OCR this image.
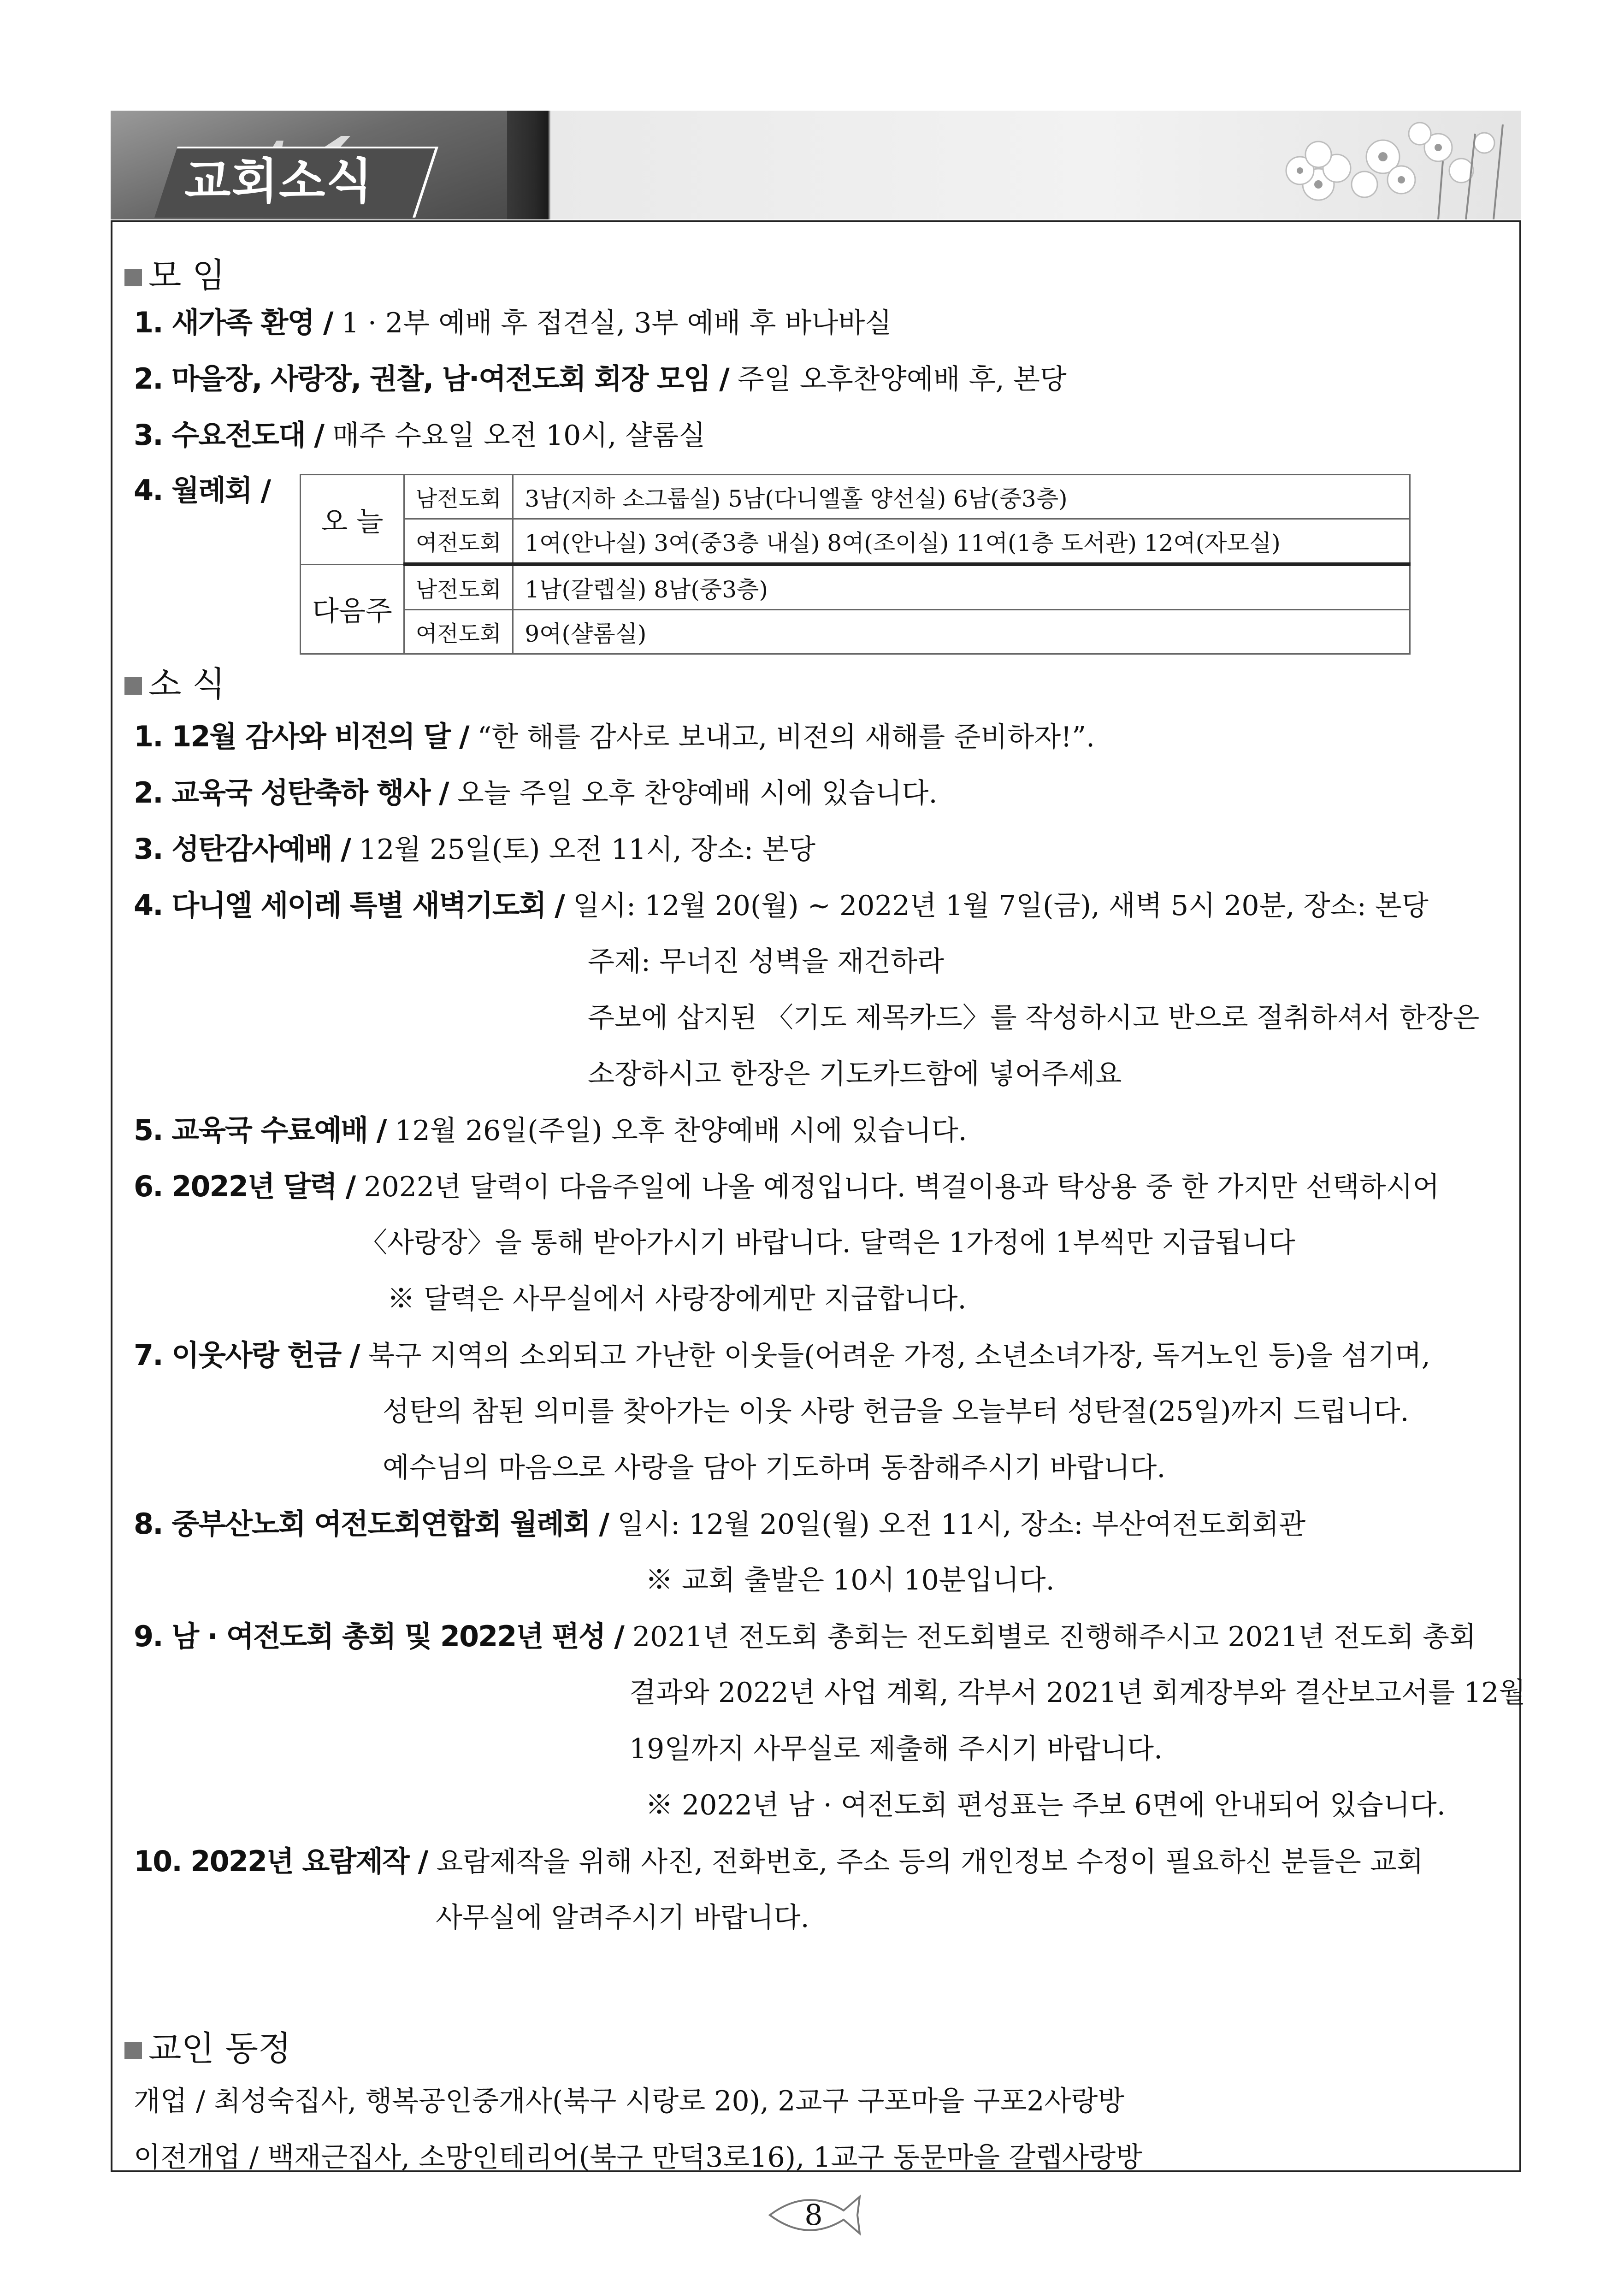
교회소식
모 임
1. 새가족 환영 / 1 · 2부 예배 후 접견실, 3부 예배 후 바나바실
2. 마을장, 사랑장, 권찰, 남·여전도회 회장 모임 / 주일 오후찬양예배 후, 본당
3. 수요전도대 / 매주 수요일 오전 10시, 샬롬실
4. 월례회 /
오 늘	남전도회	3남(지하 소그룹실) 5남(다니엘홀 양선실) 6남(중3층)
	여전도회	1여(안나실) 3여(중3층 내실) 8여(조이실) 11여(1층 도서관) 12여(자모실)
다음주	남전도회	1남(갈렙실) 8남(중3층)
	여전도회	9여(샬롬실)
소 식
1. 12월 감사와 비전의 달 / “한 해를 감사로 보내고, 비전의 새해를 준비하자!”.
2. 교육국 성탄축하 행사 / 오늘 주일 오후 찬양예배 시에 있습니다.
3. 성탄감사예배 / 12월 25일(토) 오전 11시, 장소: 본당
4. 다니엘 세이레 특별 새벽기도회 / 일시: 12월 20(월) ~ 2022년 1월 7일(금), 새벽 5시 20분, 장소: 본당
주제: 무너진 성벽을 재건하라
주보에 삽지된 〈기도 제목카드〉를 작성하시고 반으로 절취하셔서 한장은
소장하시고 한장은 기도카드함에 넣어주세요
5. 교육국 수료예배 / 12월 26일(주일) 오후 찬양예배 시에 있습니다.
6. 2022년 달력 / 2022년 달력이 다음주일에 나올 예정입니다. 벽걸이용과 탁상용 중 한 가지만 선택하시어
〈사랑장〉을 통해 받아가시기 바랍니다. 달력은 1가정에 1부씩만 지급됩니다
※ 달력은 사무실에서 사랑장에게만 지급합니다.
7. 이웃사랑 헌금 / 북구 지역의 소외되고 가난한 이웃들(어려운 가정, 소년소녀가장, 독거노인 등)을 섬기며,
성탄의 참된 의미를 찾아가는 이웃 사랑 헌금을 오늘부터 성탄절(25일)까지 드립니다.
예수님의 마음으로 사랑을 담아 기도하며 동참해주시기 바랍니다.
8. 중부산노회 여전도회연합회 월례회 / 일시: 12월 20일(월) 오전 11시, 장소: 부산여전도회회관
※ 교회 출발은 10시 10분입니다.
9. 남 · 여전도회 총회 및 2022년 편성 / 2021년 전도회 총회는 전도회별로 진행해주시고 2021년 전도회 총회
결과와 2022년 사업 계획, 각부서 2021년 회계장부와 결산보고서를 12월
19일까지 사무실로 제출해 주시기 바랍니다.
※ 2022년 남 · 여전도회 편성표는 주보 6면에 안내되어 있습니다.
10. 2022년 요람제작 / 요람제작을 위해 사진, 전화번호, 주소 등의 개인정보 수정이 필요하신 분들은 교회
사무실에 알려주시기 바랍니다.
교인 동정
개업 / 최성숙집사, 행복공인중개사(북구 시랑로 20), 2교구 구포마을 구포2사랑방
이전개업 / 백재근집사, 소망인테리어(북구 만덕3로16), 1교구 동문마을 갈렙사랑방
8
